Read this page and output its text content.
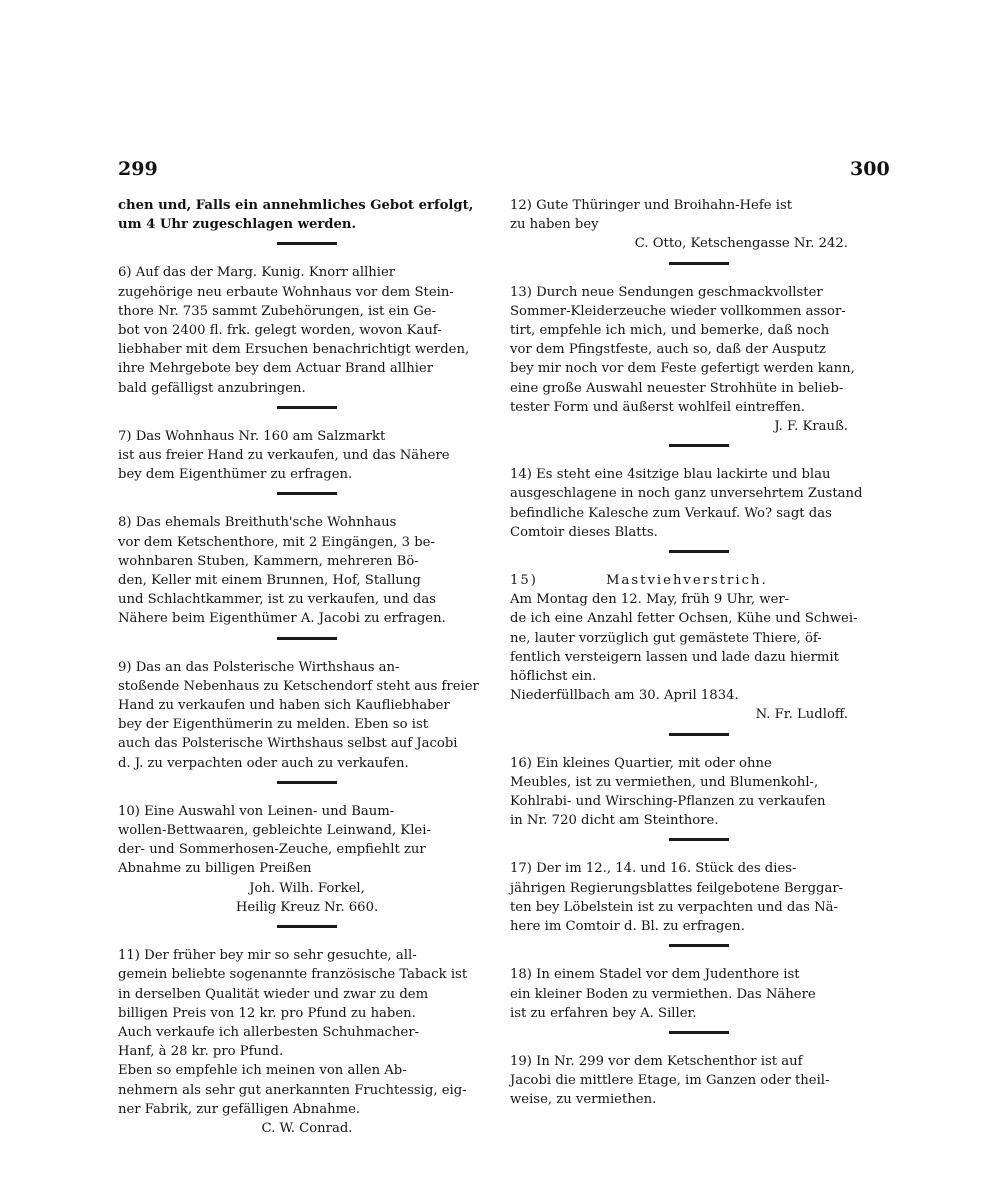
299	300

chen und, Falls ein annehmliches Gebot erfolgt,

um 4 Uhr zugeschlagen werden.

6) Auf das der Marg. Kunig. Knorr allhier

zugehörige neu erbaute Wohnhaus vor dem Stein-

thore Nr. 735 sammt Zubehörungen, ist ein Ge-

bot von 2400 fl. frk. gelegt worden, wovon Kauf-

liebhaber mit dem Ersuchen benachrichtigt werden,

ihre Mehrgebote bey dem Actuar Brand allhier

bald gefälligst anzubringen.

7) Das Wohnhaus Nr. 160 am Salzmarkt

ist aus freier Hand zu verkaufen, und das Nähere

bey dem Eigenthümer zu erfragen.

8) Das ehemals Breithuth'sche Wohnhaus

vor dem Ketschenthore, mit 2 Eingängen, 3 be-

wohnbaren Stuben, Kammern, mehreren Bö-

den, Keller mit einem Brunnen, Hof, Stallung

und Schlachtkammer, ist zu verkaufen, und das

Nähere beim Eigenthümer A. Jacobi zu erfragen.

9) Das an das Polsterische Wirthshaus an-

stoßende Nebenhaus zu Ketschendorf steht aus freier

Hand zu verkaufen und haben sich Kaufliebhaber

bey der Eigenthümerin zu melden. Eben so ist

auch das Polsterische Wirthshaus selbst auf Jacobi

d. J. zu verpachten oder auch zu verkaufen.

10) Eine Auswahl von Leinen- und Baum-

wollen-Bettwaaren, gebleichte Leinwand, Klei-

der- und Sommerhosen-Zeuche, empfiehlt zur

Abnahme zu billigen Preißen

Joh. Wilh. Forkel,

Heilig Kreuz Nr. 660.

11) Der früher bey mir so sehr gesuchte, all-

gemein beliebte sogenannte französische Taback ist

in derselben Qualität wieder und zwar zu dem

billigen Preis von 12 kr. pro Pfund zu haben.

Auch verkaufe ich allerbesten Schuhmacher-

Hanf, à 28 kr. pro Pfund.

Eben so empfehle ich meinen von allen Ab-

nehmern als sehr gut anerkannten Fruchtessig, eig-

ner Fabrik, zur gefälligen Abnahme.

C. W. Conrad.

12) Gute Thüringer und Broihahn-Hefe ist

zu haben bey

C. Otto, Ketschengasse Nr. 242.

13) Durch neue Sendungen geschmackvollster

Sommer-Kleiderzeuche wieder vollkommen assor-

tirt, empfehle ich mich, und bemerke, daß noch

vor dem Pfingstfeste, auch so, daß der Ausputz

bey mir noch vor dem Feste gefertigt werden kann,

eine große Auswahl neuester Strohhüte in belieb-

tester Form und äußerst wohlfeil eintreffen.

J. F. Krauß.

14) Es steht eine 4sitzige blau lackirte und blau

ausgeschlagene in noch ganz unversehrtem Zustand

befindliche Kalesche zum Verkauf. Wo? sagt das

Comtoir dieses Blatts.

15)           Mastviehverstrich.

Am Montag den 12. May, früh 9 Uhr, wer-

de ich eine Anzahl fetter Ochsen, Kühe und Schwei-

ne, lauter vorzüglich gut gemästete Thiere, öf-

fentlich versteigern lassen und lade dazu hiermit

höflichst ein.

Niederfüllbach am 30. April 1834.

N. Fr. Ludloff.

16) Ein kleines Quartier, mit oder ohne

Meubles, ist zu vermiethen, und Blumenkohl-,

Kohlrabi- und Wirsching-Pflanzen zu verkaufen

in Nr. 720 dicht am Steinthore.

17) Der im 12., 14. und 16. Stück des dies-

jährigen Regierungsblattes feilgebotene Berggar-

ten bey Löbelstein ist zu verpachten und das Nä-

here im Comtoir d. Bl. zu erfragen.

18) In einem Stadel vor dem Judenthore ist

ein kleiner Boden zu vermiethen. Das Nähere

ist zu erfahren bey A. Siller.

19) In Nr. 299 vor dem Ketschenthor ist auf

Jacobi die mittlere Etage, im Ganzen oder theil-

weise, zu vermiethen.
